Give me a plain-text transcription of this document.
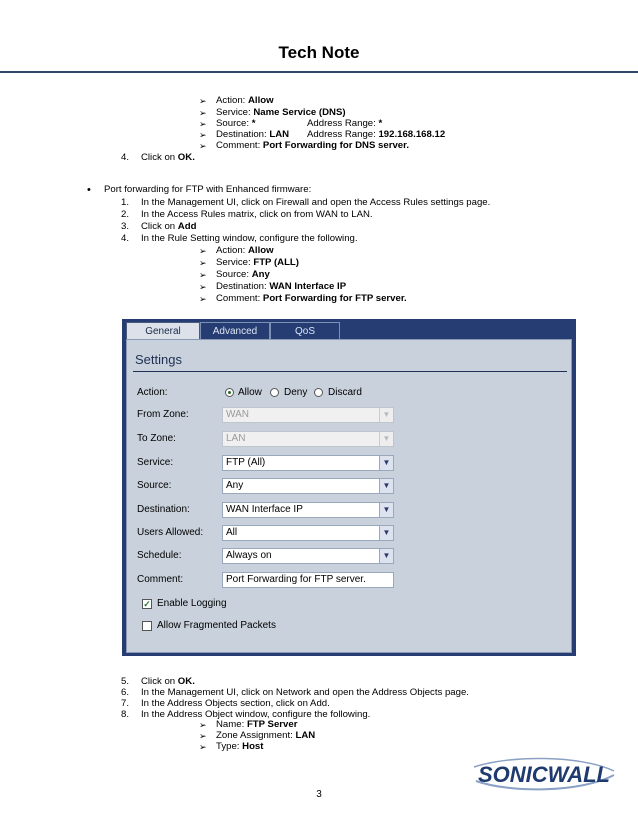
Tech Note
➢ Action: Allow
➢ Service: Name Service (DNS)
➢ Source: *	Address Range: *
➢ Destination: LAN Address Range: 192.168.168.12
➢ Comment: Port Forwarding for DNS server.
4. Click on OK.
• Port forwarding for FTP with Enhanced firmware:
1. In the Management UI, click on Firewall and open the Access Rules settings page.
2. In the Access Rules matrix, click on from WAN to LAN.
3. Click on Add
4. In the Rule Setting window, configure the following.
➢ Action: Allow
➢ Service: FTP (ALL)
➢ Source: Any
➢ Destination: WAN Interface IP
➢ Comment: Port Forwarding for FTP server.
General	Advanced	QoS
Settings
Action:	Allow Deny Discard
From Zone:	WAN	▼
To Zone:	LAN	▼
Service:	FTP (All)	▼
Source:	Any	▼
Destination:	WAN Interface IP	▼
Users Allowed:	All	▼
Schedule:	Always on	▼
Comment:	Port Forwarding for FTP server.
✓ Enable Logging
Allow Fragmented Packets
5. Click on OK.
6. In the Management UI, click on Network and open the Address Objects page.
7. In the Address Objects section, click on Add.
8. In the Address Object window, configure the following.
➢ Name: FTP Server
➢ Zone Assignment: LAN
➢ Type: Host
SONICWALL
3
